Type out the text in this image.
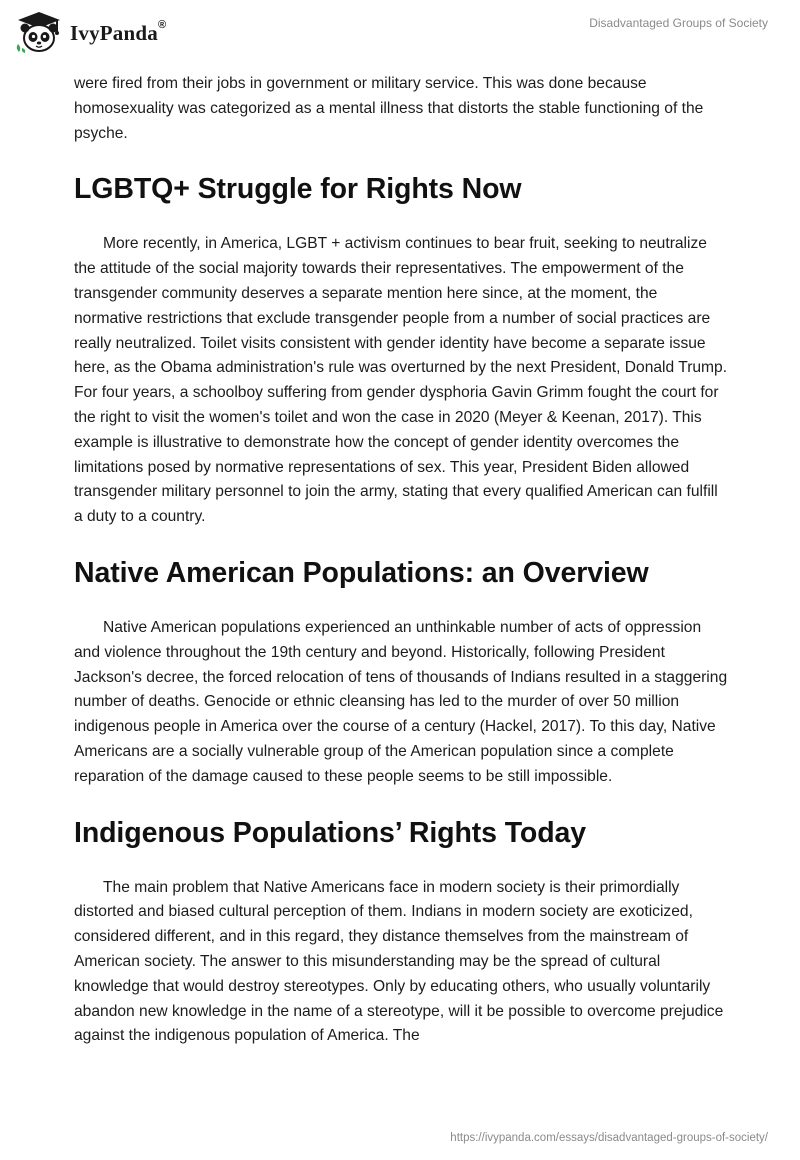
IvyPanda®	Disadvantaged Groups of Society

were fired from their jobs in government or military service. This was done because homosexuality was categorized as a mental illness that distorts the stable functioning of the psyche.

LGBTQ+ Struggle for Rights Now

More recently, in America, LGBT + activism continues to bear fruit, seeking to neutralize the attitude of the social majority towards their representatives. The empowerment of the transgender community deserves a separate mention here since, at the moment, the normative restrictions that exclude transgender people from a number of social practices are really neutralized. Toilet visits consistent with gender identity have become a separate issue here, as the Obama administration's rule was overturned by the next President, Donald Trump. For four years, a schoolboy suffering from gender dysphoria Gavin Grimm fought the court for the right to visit the women's toilet and won the case in 2020 (Meyer & Keenan, 2017). This example is illustrative to demonstrate how the concept of gender identity overcomes the limitations posed by normative representations of sex. This year, President Biden allowed transgender military personnel to join the army, stating that every qualified American can fulfill a duty to a country.

Native American Populations: an Overview

Native American populations experienced an unthinkable number of acts of oppression and violence throughout the 19th century and beyond. Historically, following President Jackson's decree, the forced relocation of tens of thousands of Indians resulted in a staggering number of deaths. Genocide or ethnic cleansing has led to the murder of over 50 million indigenous people in America over the course of a century (Hackel, 2017). To this day, Native Americans are a socially vulnerable group of the American population since a complete reparation of the damage caused to these people seems to be still impossible.

Indigenous Populations’ Rights Today

The main problem that Native Americans face in modern society is their primordially distorted and biased cultural perception of them. Indians in modern society are exoticized, considered different, and in this regard, they distance themselves from the mainstream of American society. The answer to this misunderstanding may be the spread of cultural knowledge that would destroy stereotypes. Only by educating others, who usually voluntarily abandon new knowledge in the name of a stereotype, will it be possible to overcome prejudice against the indigenous population of America. The

https://ivypanda.com/essays/disadvantaged-groups-of-society/
